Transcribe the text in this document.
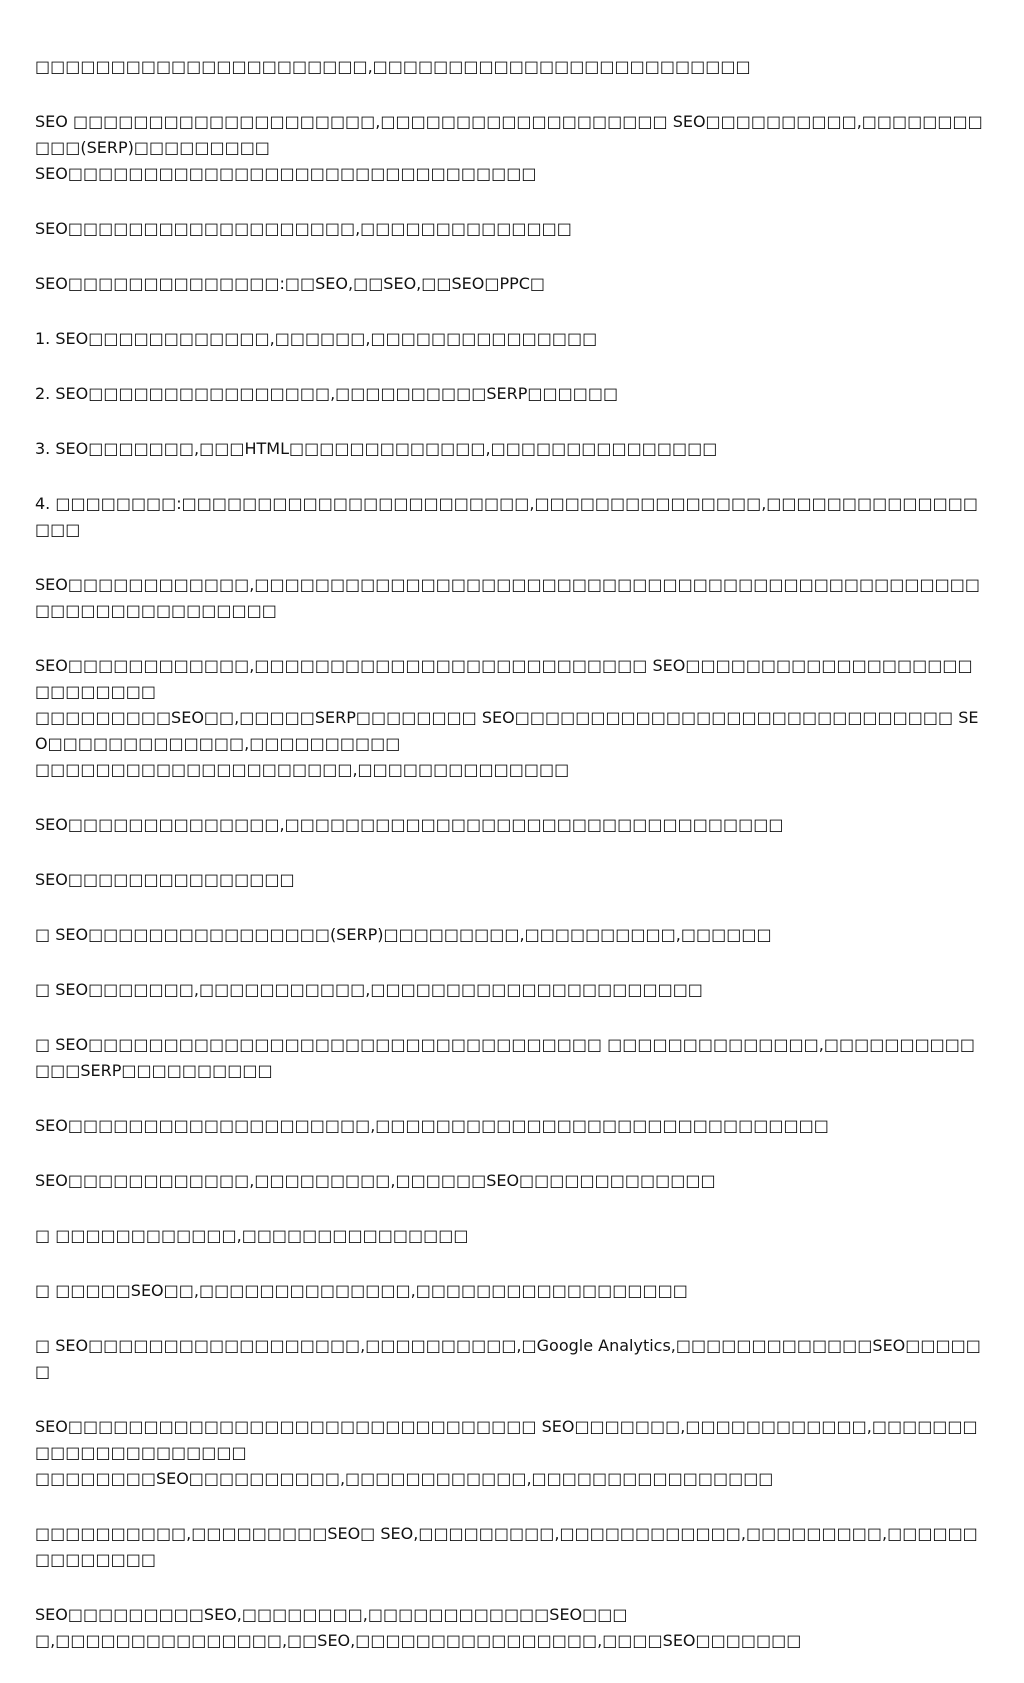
□□□□□□□□□□□□□□□□□□□□□□,□□□□□□□□□□□□□□□□□□□□□□□□□

SEO □□□□□□□□□□□□□□□□□□□□,□□□□□□□□□□□□□□□□□□□ SEO□□□□□□□□□□,□□□□□□□□□□□(SERP)□□□□□□□□□
SEO□□□□□□□□□□□□□□□□□□□□□□□□□□□□□□□

SEO□□□□□□□□□□□□□□□□□□□,□□□□□□□□□□□□□□

SEO□□□□□□□□□□□□□□:□□SEO,□□SEO,□□SEO□PPC□

1. SEO□□□□□□□□□□□□,□□□□□□,□□□□□□□□□□□□□□□

2. SEO□□□□□□□□□□□□□□□□,□□□□□□□□□□SERP□□□□□□

3. SEO□□□□□□□,□□□HTML□□□□□□□□□□□□□,□□□□□□□□□□□□□□□

4. □□□□□□□□:□□□□□□□□□□□□□□□□□□□□□□□,□□□□□□□□□□□□□□□,□□□□□□□□□□□□□□□□□

SEO□□□□□□□□□□□□,□□□□□□□□□□□□□□□□□□□□□□□□□□□□□□□□□□□□□□□□□□□□□□□□□□□□□□□□□□□□□□□□

SEO□□□□□□□□□□□□,□□□□□□□□□□□□□□□□□□□□□□□□□□ SEO□□□□□□□□□□□□□□□□□□□□□□□□□□□
□□□□□□□□□SEO□□,□□□□□SERP□□□□□□□□ SEO□□□□□□□□□□□□□□□□□□□□□□□□□□□□□ SEO□□□□□□□□□□□□□,□□□□□□□□□□
□□□□□□□□□□□□□□□□□□□□□,□□□□□□□□□□□□□□

SEO□□□□□□□□□□□□□□,□□□□□□□□□□□□□□□□□□□□□□□□□□□□□□□□□

SEO□□□□□□□□□□□□□□□

□ SEO□□□□□□□□□□□□□□□□(SERP)□□□□□□□□□,□□□□□□□□□□,□□□□□□

□ SEO□□□□□□□,□□□□□□□□□□□,□□□□□□□□□□□□□□□□□□□□□□

□ SEO□□□□□□□□□□□□□□□□□□□□□□□□□□□□□□□□□□ □□□□□□□□□□□□□□,□□□□□□□□□□□□□SERP□□□□□□□□□□

SEO□□□□□□□□□□□□□□□□□□□□,□□□□□□□□□□□□□□□□□□□□□□□□□□□□□□

SEO□□□□□□□□□□□□,□□□□□□□□□,□□□□□□SEO□□□□□□□□□□□□□

□ □□□□□□□□□□□□,□□□□□□□□□□□□□□□

□ □□□□□SEO□□,□□□□□□□□□□□□□□,□□□□□□□□□□□□□□□□□□

□ SEO□□□□□□□□□□□□□□□□□□,□□□□□□□□□□,□Google Analytics,□□□□□□□□□□□□□SEO□□□□□□

SEO□□□□□□□□□□□□□□□□□□□□□□□□□□□□□□□ SEO□□□□□□□,□□□□□□□□□□□□,□□□□□□□□□□□□□□□□□□□□□
□□□□□□□□SEO□□□□□□□□□□,□□□□□□□□□□□□,□□□□□□□□□□□□□□□□

□□□□□□□□□□,□□□□□□□□□SEO□ SEO,□□□□□□□□□,□□□□□□□□□□□□,□□□□□□□□□,□□□□□□□□□□□□□□

SEO□□□□□□□□□SEO,□□□□□□□□,□□□□□□□□□□□□SEO□□□
□,□□□□□□□□□□□□□□□,□□SEO,□□□□□□□□□□□□□□□□,□□□□SEO□□□□□□□
